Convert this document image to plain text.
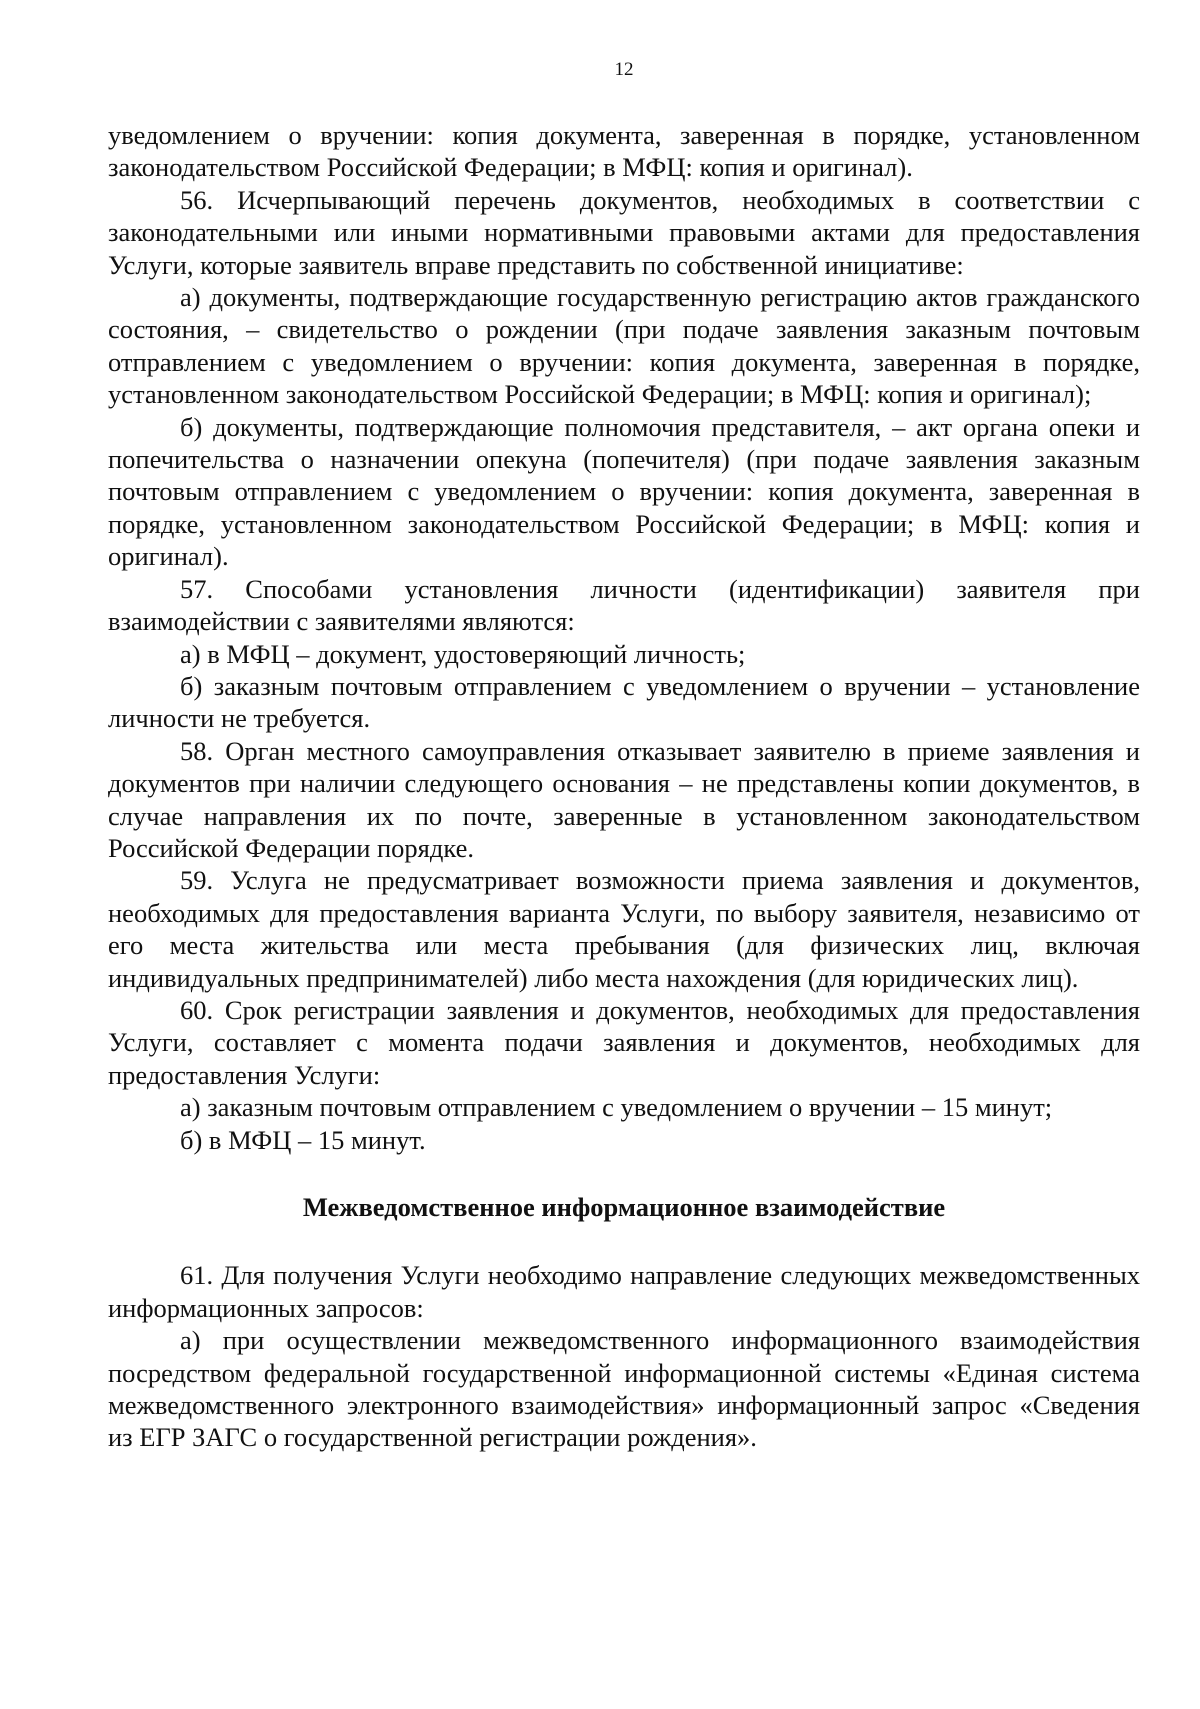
12

уведомлением о вручении: копия документа, заверенная в порядке, установленном законодательством Российской Федерации; в МФЦ: копия и оригинал).

56. Исчерпывающий перечень документов, необходимых в соответствии с законодательными или иными нормативными правовыми актами для предоставления Услуги, которые заявитель вправе представить по собственной инициативе:

а) документы, подтверждающие государственную регистрацию актов гражданского состояния, – свидетельство о рождении (при подаче заявления заказным почтовым отправлением с уведомлением о вручении: копия документа, заверенная в порядке, установленном законодательством Российской Федерации; в МФЦ: копия и оригинал);

б) документы, подтверждающие полномочия представителя, – акт органа опеки и попечительства о назначении опекуна (попечителя) (при подаче заявления заказным почтовым отправлением с уведомлением о вручении: копия документа, заверенная в порядке, установленном законодательством Российской Федерации; в МФЦ: копия и оригинал).

57. Способами установления личности (идентификации) заявителя при взаимодействии с заявителями являются:

а) в МФЦ – документ, удостоверяющий личность;

б) заказным почтовым отправлением с уведомлением о вручении – установление личности не требуется.

58. Орган местного самоуправления отказывает заявителю в приеме заявления и документов при наличии следующего основания – не представлены копии документов, в случае направления их по почте, заверенные в установленном законодательством Российской Федерации порядке.

59. Услуга не предусматривает возможности приема заявления и документов, необходимых для предоставления варианта Услуги, по выбору заявителя, независимо от его места жительства или места пребывания (для физических лиц, включая индивидуальных предпринимателей) либо места нахождения (для юридических лиц).

60. Срок регистрации заявления и документов, необходимых для предоставления Услуги, составляет с момента подачи заявления и документов, необходимых для предоставления Услуги:

а) заказным почтовым отправлением с уведомлением о вручении – 15 минут;

б) в МФЦ – 15 минут.

Межведомственное информационное взаимодействие

61. Для получения Услуги необходимо направление следующих межведомственных информационных запросов:

а) при осуществлении межведомственного информационного взаимодействия посредством федеральной государственной информационной системы «Единая система межведомственного электронного взаимодействия» информационный запрос «Сведения из ЕГР ЗАГС о государственной регистрации рождения».
